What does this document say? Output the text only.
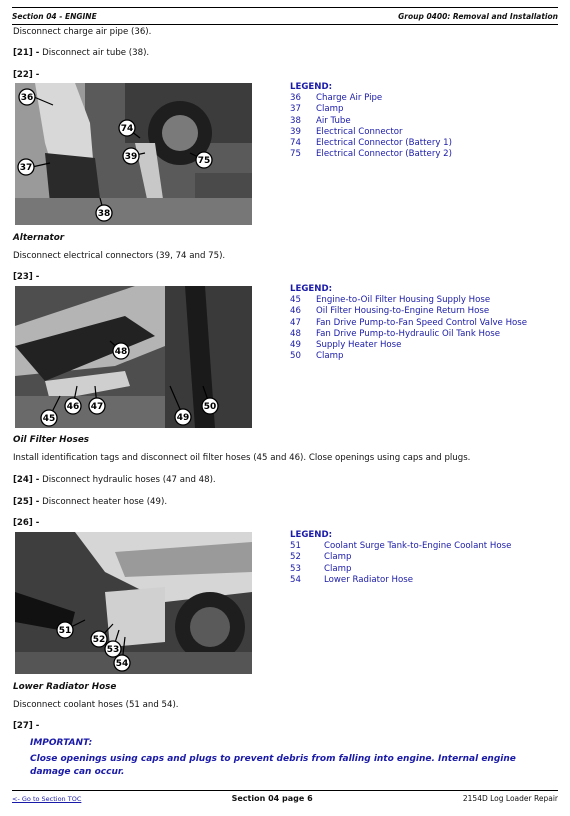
Section 04 - ENGINE	Group 0400: Removal and Installation
Disconnect charge air pipe (36).
[21] - Disconnect air tube (38).
[22] -
36
37
74
39	75
38
LEGEND:
36	Charge Air Pipe
37	Clamp
38	Air Tube
39	Electrical Connector
74	Electrical Connector (Battery 1)
75	Electrical Connector (Battery 2)
Alternator
Disconnect electrical connectors (39, 74 and 75).
[23] -
48
46 47
45	49
50
LEGEND:
45	Engine-to-Oil Filter Housing Supply Hose
46	Oil Filter Housing-to-Engine Return Hose
47	Fan Drive Pump-to-Fan Speed Control Valve Hose
48	Fan Drive Pump-to-Hydraulic Oil Tank Hose
49	Supply Heater Hose
50	Clamp
Oil Filter Hoses
Install identification tags and disconnect oil filter hoses (45 and 46). Close openings using caps and plugs.
[24] - Disconnect hydraulic hoses (47 and 48).
[25] - Disconnect heater hose (49).
[26] -
51
52
53
54
LEGEND:
51	Coolant Surge Tank-to-Engine Coolant Hose
52	Clamp
53	Clamp
54	Lower Radiator Hose
Lower Radiator Hose
Disconnect coolant hoses (51 and 54).
[27] -
IMPORTANT:
Close openings using caps and plugs to prevent debris from falling into engine. Internal engine damage can occur.
<- Go to Section TOC	Section 04 page 6	2154D Log Loader Repair
